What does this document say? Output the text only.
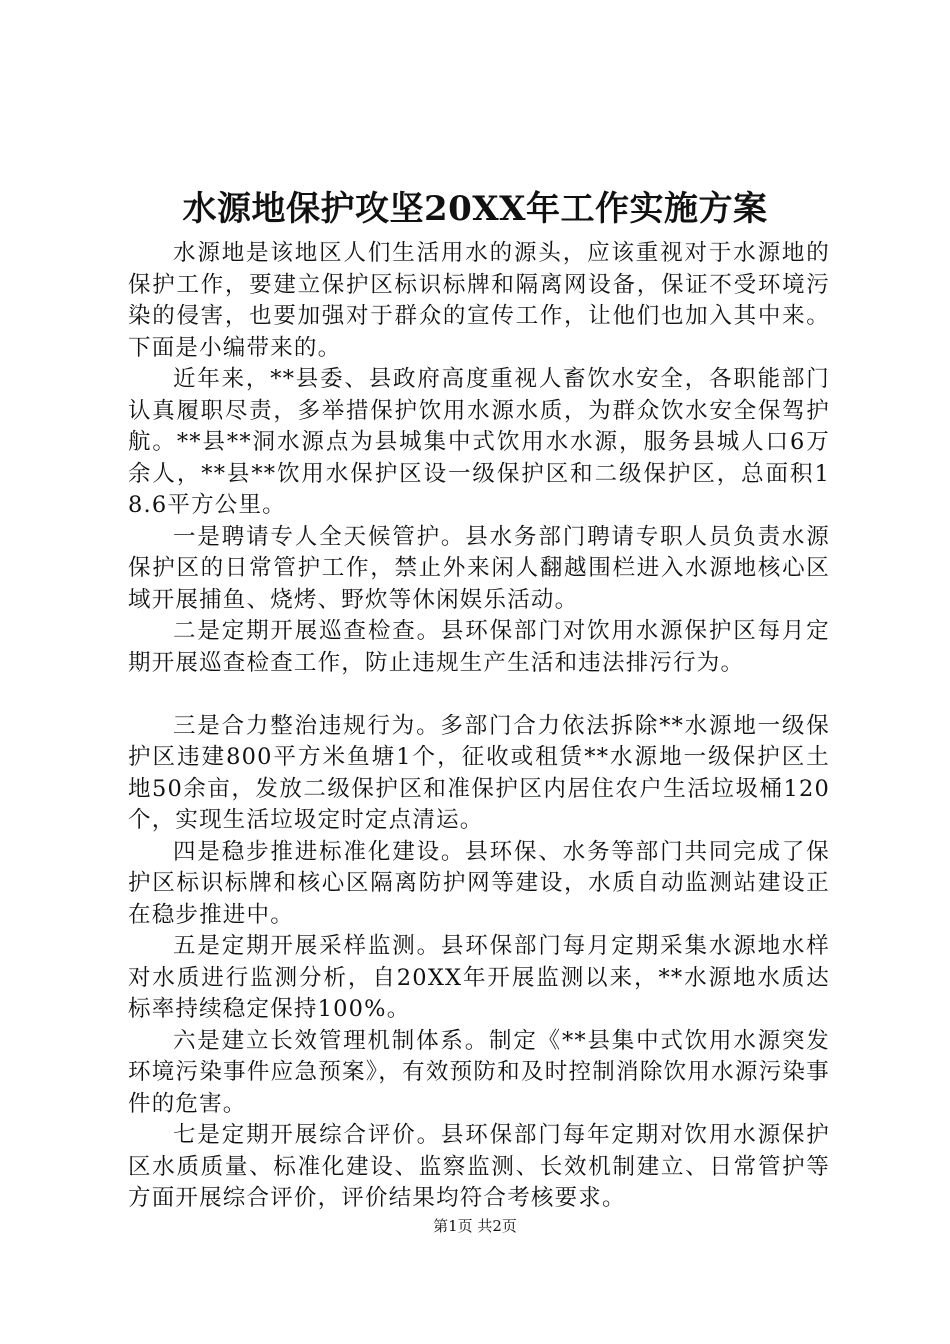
水源地保护攻坚20XX年工作实施方案

水源地是该地区人们生活用水的源头，应该重视对于水源地的保护工作，要建立保护区标识标牌和隔离网设备，保证不受环境污染的侵害，也要加强对于群众的宣传工作，让他们也加入其中来。下面是小编带来的。

近年来，**县委、县政府高度重视人畜饮水安全，各职能部门认真履职尽责，多举措保护饮用水源水质，为群众饮水安全保驾护航。**县**洞水源点为县城集中式饮用水水源，服务县城人口6万余人，**县**饮用水保护区设一级保护区和二级保护区，总面积18.6平方公里。

一是聘请专人全天候管护。县水务部门聘请专职人员负责水源保护区的日常管护工作，禁止外来闲人翻越围栏进入水源地核心区域开展捕鱼、烧烤、野炊等休闲娱乐活动。

二是定期开展巡查检查。县环保部门对饮用水源保护区每月定期开展巡查检查工作，防止违规生产生活和违法排污行为。

三是合力整治违规行为。多部门合力依法拆除**水源地一级保护区违建800平方米鱼塘1个，征收或租赁**水源地一级保护区土地50余亩，发放二级保护区和准保护区内居住农户生活垃圾桶120个，实现生活垃圾定时定点清运。

四是稳步推进标准化建设。县环保、水务等部门共同完成了保护区标识标牌和核心区隔离防护网等建设，水质自动监测站建设正在稳步推进中。

五是定期开展采样监测。县环保部门每月定期采集水源地水样对水质进行监测分析，自20XX年开展监测以来，**水源地水质达标率持续稳定保持100%。

六是建立长效管理机制体系。制定《**县集中式饮用水源突发环境污染事件应急预案》，有效预防和及时控制消除饮用水源污染事件的危害。

七是定期开展综合评价。县环保部门每年定期对饮用水源保护区水质质量、标准化建设、监察监测、长效机制建立、日常管护等方面开展综合评价，评价结果均符合考核要求。

第1页 共2页
